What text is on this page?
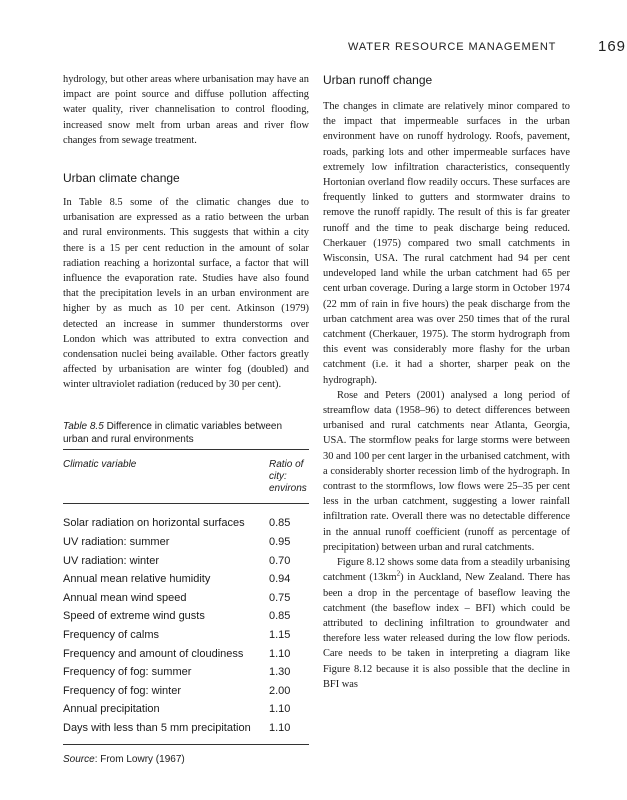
WATER RESOURCE MANAGEMENT	169

hydrology, but other areas where urbanisation may have an impact are point source and diffuse pollution affecting water quality, river channelisation to control flooding, increased snow melt from urban areas and river flow changes from sewage treatment.

Urban climate change

In Table 8.5 some of the climatic changes due to urbanisation are expressed as a ratio between the urban and rural environments. This suggests that within a city there is a 15 per cent reduction in the amount of solar radiation reaching a horizontal surface, a factor that will influence the evaporation rate. Studies have also found that the precipitation levels in an urban environment are higher by as much as 10 per cent. Atkinson (1979) detected an increase in summer thunderstorms over London which was attributed to extra convection and condensation nuclei being available. Other factors greatly affected by urbanisation are winter fog (doubled) and winter ultraviolet radiation (reduced by 30 per cent).

Table 8.5 Difference in climatic variables between urban and rural environments
Climatic variable	Ratio of city: environs
Solar radiation on horizontal surfaces	0.85
UV radiation: summer	0.95
UV radiation: winter	0.70
Annual mean relative humidity	0.94
Annual mean wind speed	0.75
Speed of extreme wind gusts	0.85
Frequency of calms	1.15
Frequency and amount of cloudiness	1.10
Frequency of fog: summer	1.30
Frequency of fog: winter	2.00
Annual precipitation	1.10
Days with less than 5 mm precipitation	1.10
Source: From Lowry (1967)
Urban runoff change

The changes in climate are relatively minor compared to the impact that impermeable surfaces in the urban environment have on runoff hydrology. Roofs, pavement, roads, parking lots and other impermeable surfaces have extremely low infiltration characteristics, consequently Hortonian overland flow readily occurs. These surfaces are frequently linked to gutters and stormwater drains to remove the runoff rapidly. The result of this is far greater runoff and the time to peak discharge being reduced. Cherkauer (1975) compared two small catchments in Wisconsin, USA. The rural catchment had 94 per cent undeveloped land while the urban catchment had 65 per cent urban coverage. During a large storm in October 1974 (22 mm of rain in five hours) the peak discharge from the urban catchment area was over 250 times that of the rural catchment (Cherkauer, 1975). The storm hydrograph from this event was considerably more flashy for the urban catchment (i.e. it had a shorter, sharper peak on the hydrograph).

Rose and Peters (2001) analysed a long period of streamflow data (1958–96) to detect differences between urbanised and rural catchments near Atlanta, Georgia, USA. The stormflow peaks for large storms were between 30 and 100 per cent larger in the urbanised catchment, with a considerably shorter recession limb of the hydrograph. In contrast to the stormflows, low flows were 25–35 per cent less in the urban catchment, suggesting a lower rainfall infiltration rate. Overall there was no detectable difference in the annual runoff coefficient (runoff as percentage of precipitation) between urban and rural catchments.

Figure 8.12 shows some data from a steadily urbanising catchment $(13km^2)$ in Auckland, New Zealand. There has been a drop in the percentage of baseflow leaving the catchment (the baseflow index – BFI) which could be attributed to declining infiltration to groundwater and therefore less water released during the low flow periods. Care needs to be taken in interpreting a diagram like Figure 8.12 because it is also possible that the decline in BFI was
